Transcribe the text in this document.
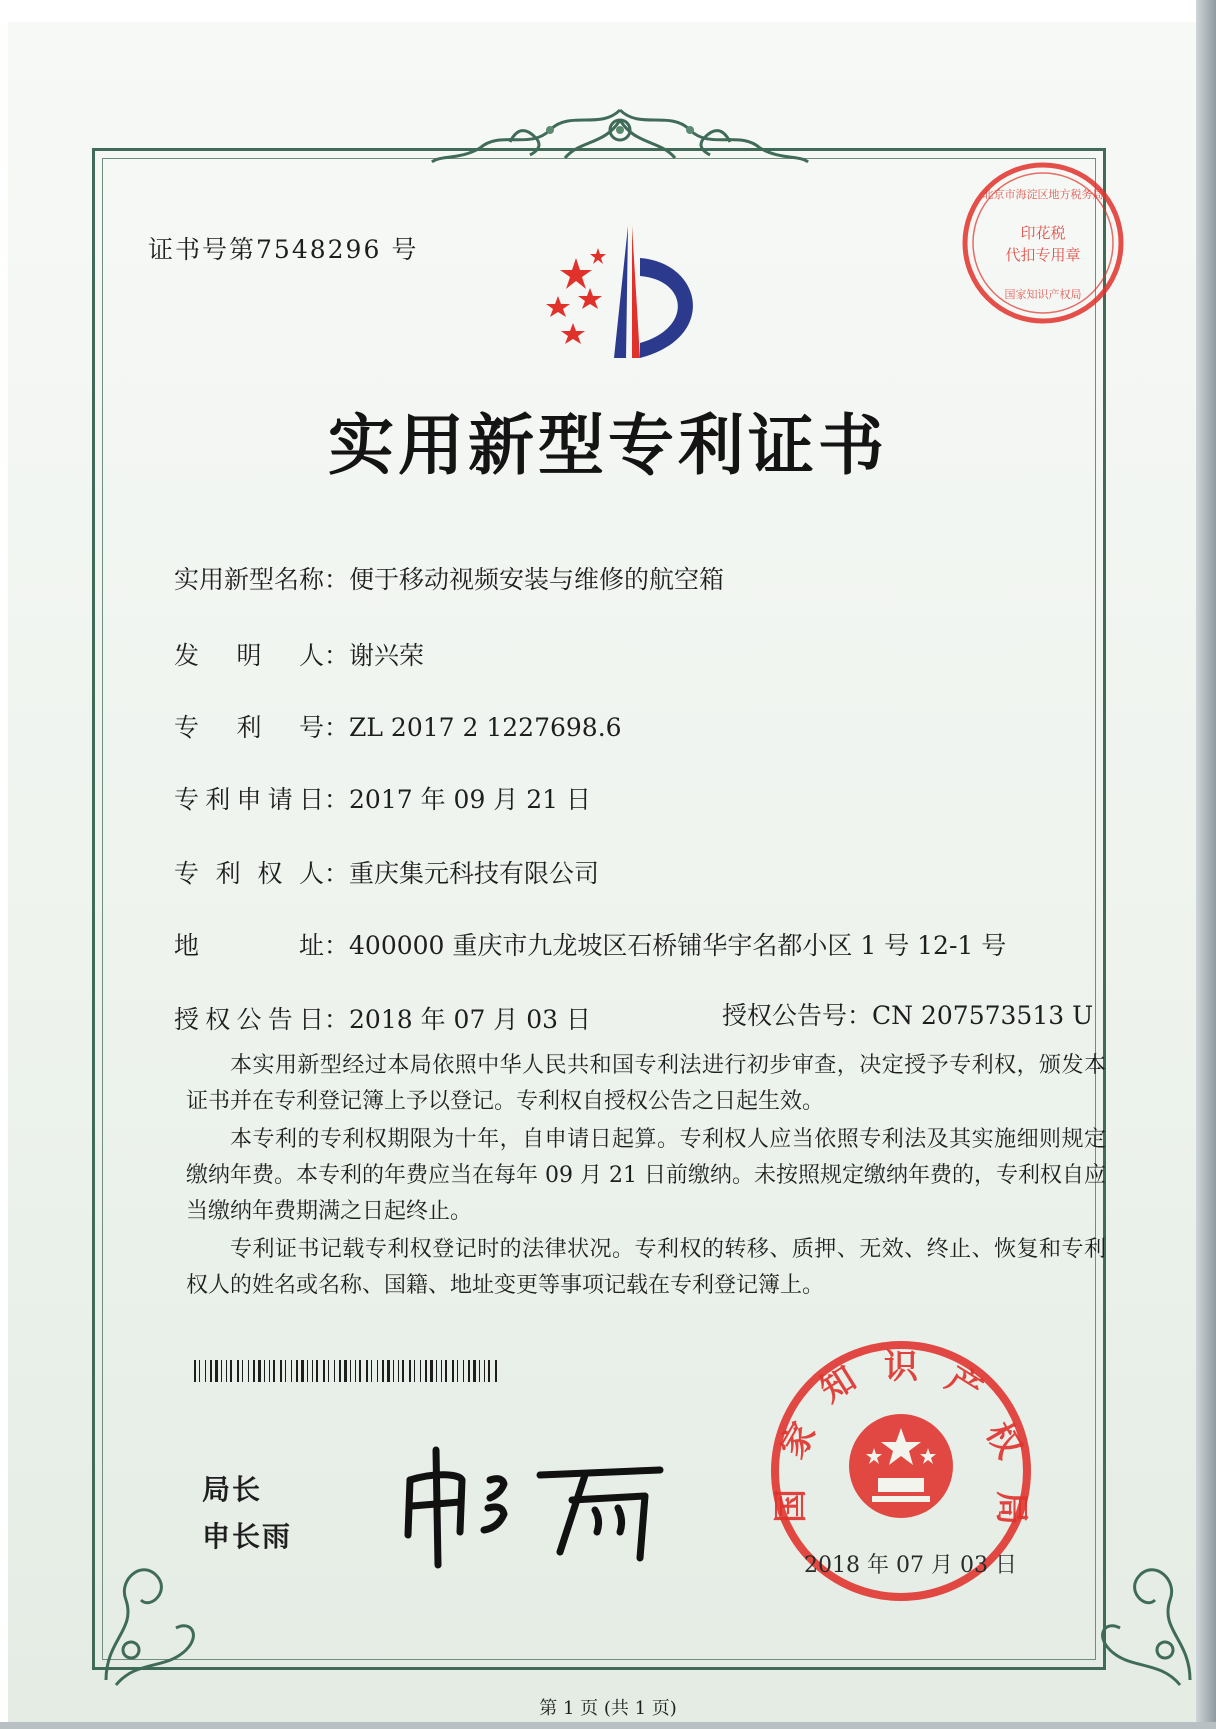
证书号第7548296 号
印花税
代扣专用章
北京市海淀区地方税务局
国家知识产权局
实用新型专利证书
实用新型名称：便于移动视频安装与维修的航空箱
发明人：谢兴荣
专利号：ZL 2017 2 1227698.6
专利申请日：2017 年 09 月 21 日
专利权人：重庆集元科技有限公司
地址：400000 重庆市九龙坡区石桥铺华宇名都小区 1 号 12-1 号
授权公告日：2018 年 07 月 03 日	授权公告号：CN 207573513 U

本实用新型经过本局依照中华人民共和国专利法进行初步审查，决定授予专利权，颁发本证书并在专利登记簿上予以登记。专利权自授权公告之日起生效。

本专利的专利权期限为十年，自申请日起算。专利权人应当依照专利法及其实施细则规定缴纳年费。本专利的年费应当在每年 09 月 21 日前缴纳。未按照规定缴纳年费的，专利权自应当缴纳年费期满之日起终止。

专利证书记载专利权登记时的法律状况。专利权的转移、质押、无效、终止、恢复和专利权人的姓名或名称、国籍、地址变更等事项记载在专利登记簿上。

局长
申长雨
家
知 识 产
权
国	局
2018 年 07 月 03 日
第 1 页 (共 1 页)
